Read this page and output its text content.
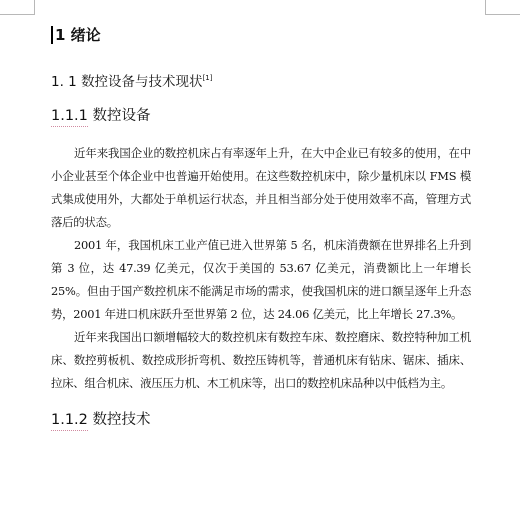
1 绪论
1. 1 数控设备与技术现状[1]
1.1.1 数控设备

近年来我国企业的数控机床占有率逐年上升，在大中企业已有较多的使用，在中小企业甚至个体企业中也普遍开始使用。在这些数控机床中，除少量机床以 FMS 模式集成使用外，大都处于单机运行状态，并且相当部分处于使用效率不高，管理方式落后的状态。

2001 年，我国机床工业产值已进入世界第 5 名，机床消费额在世界排名上升到第 3 位，达 47.39 亿美元，仅次于美国的 53.67 亿美元，消费额比上一年增长 25%。但由于国产数控机床不能满足市场的需求，使我国机床的进口额呈逐年上升态势，2001 年进口机床跃升至世界第 2 位，达 24.06 亿美元，比上年增长 27.3%。

近年来我国出口额增幅较大的数控机床有数控车床、数控磨床、数控特种加工机床、数控剪板机、数控成形折弯机、数控压铸机等，普通机床有钻床、锯床、插床、拉床、组合机床、液压压力机、木工机床等，出口的数控机床品种以中低档为主。

1.1.2 数控技术
